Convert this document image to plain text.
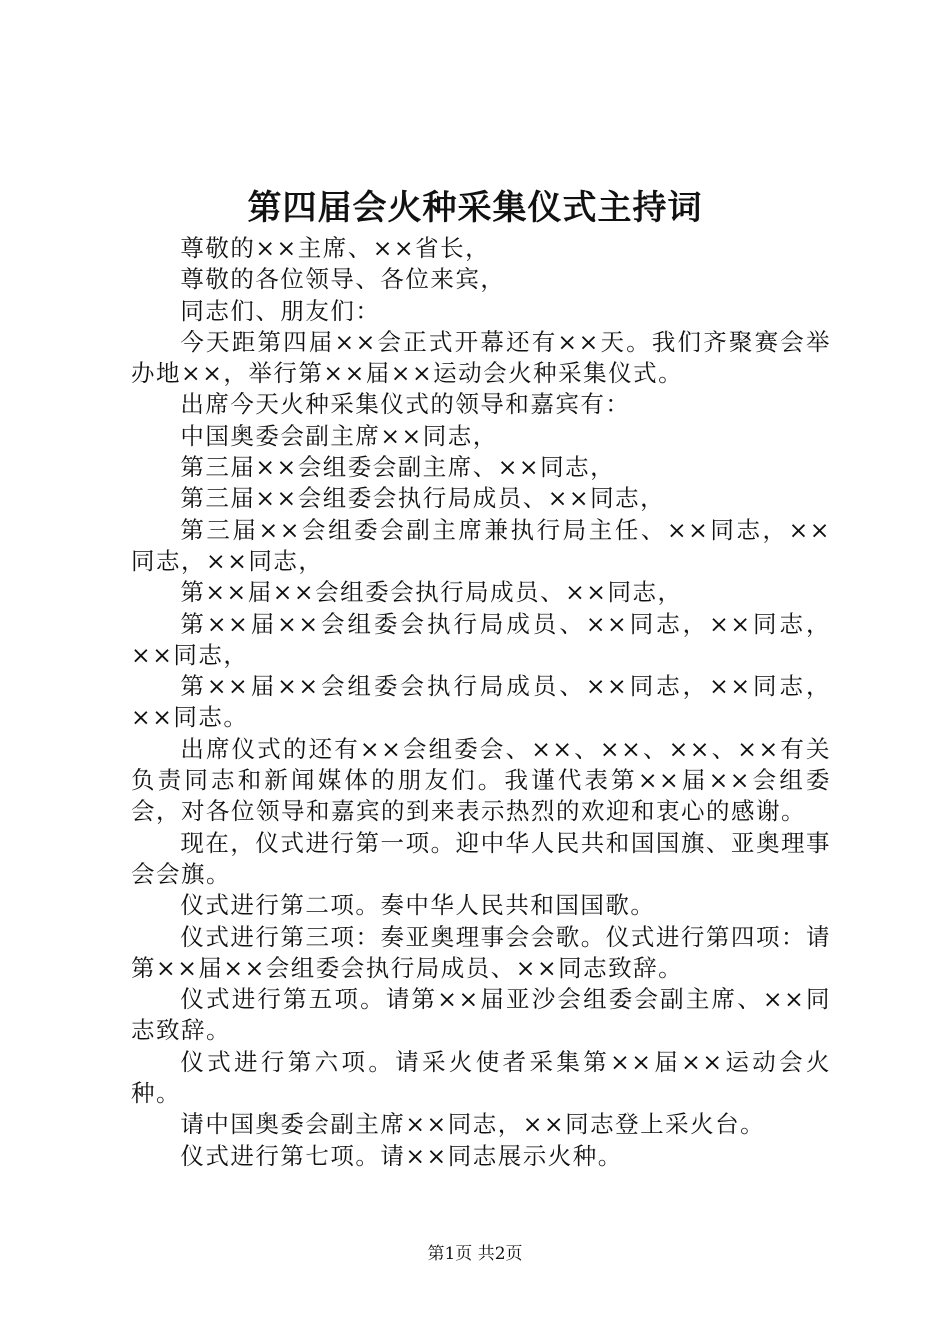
第四届会火种采集仪式主持词

尊敬的××主席、××省长，

尊敬的各位领导、各位来宾，

同志们、朋友们：

今天距第四届××会正式开幕还有××天。我们齐聚赛会举办地××，举行第××届××运动会火种采集仪式。

出席今天火种采集仪式的领导和嘉宾有：

中国奥委会副主席××同志，

第三届××会组委会副主席、××同志，

第三届××会组委会执行局成员、××同志，

第三届××会组委会副主席兼执行局主任、××同志，××同志，××同志，

第××届××会组委会执行局成员、××同志，

第××届××会组委会执行局成员、××同志，××同志，××同志，

第××届××会组委会执行局成员、××同志，××同志，××同志。

出席仪式的还有××会组委会、××、××、××、××有关负责同志和新闻媒体的朋友们。我谨代表第××届××会组委会，对各位领导和嘉宾的到来表示热烈的欢迎和衷心的感谢。

现在，仪式进行第一项。迎中华人民共和国国旗、亚奥理事会会旗。

仪式进行第二项。奏中华人民共和国国歌。

仪式进行第三项：奏亚奥理事会会歌。仪式进行第四项：请第××届××会组委会执行局成员、××同志致辞。

仪式进行第五项。请第××届亚沙会组委会副主席、××同志致辞。

仪式进行第六项。请采火使者采集第××届××运动会火种。

请中国奥委会副主席××同志，××同志登上采火台。

仪式进行第七项。请××同志展示火种。

第1页 共2页
